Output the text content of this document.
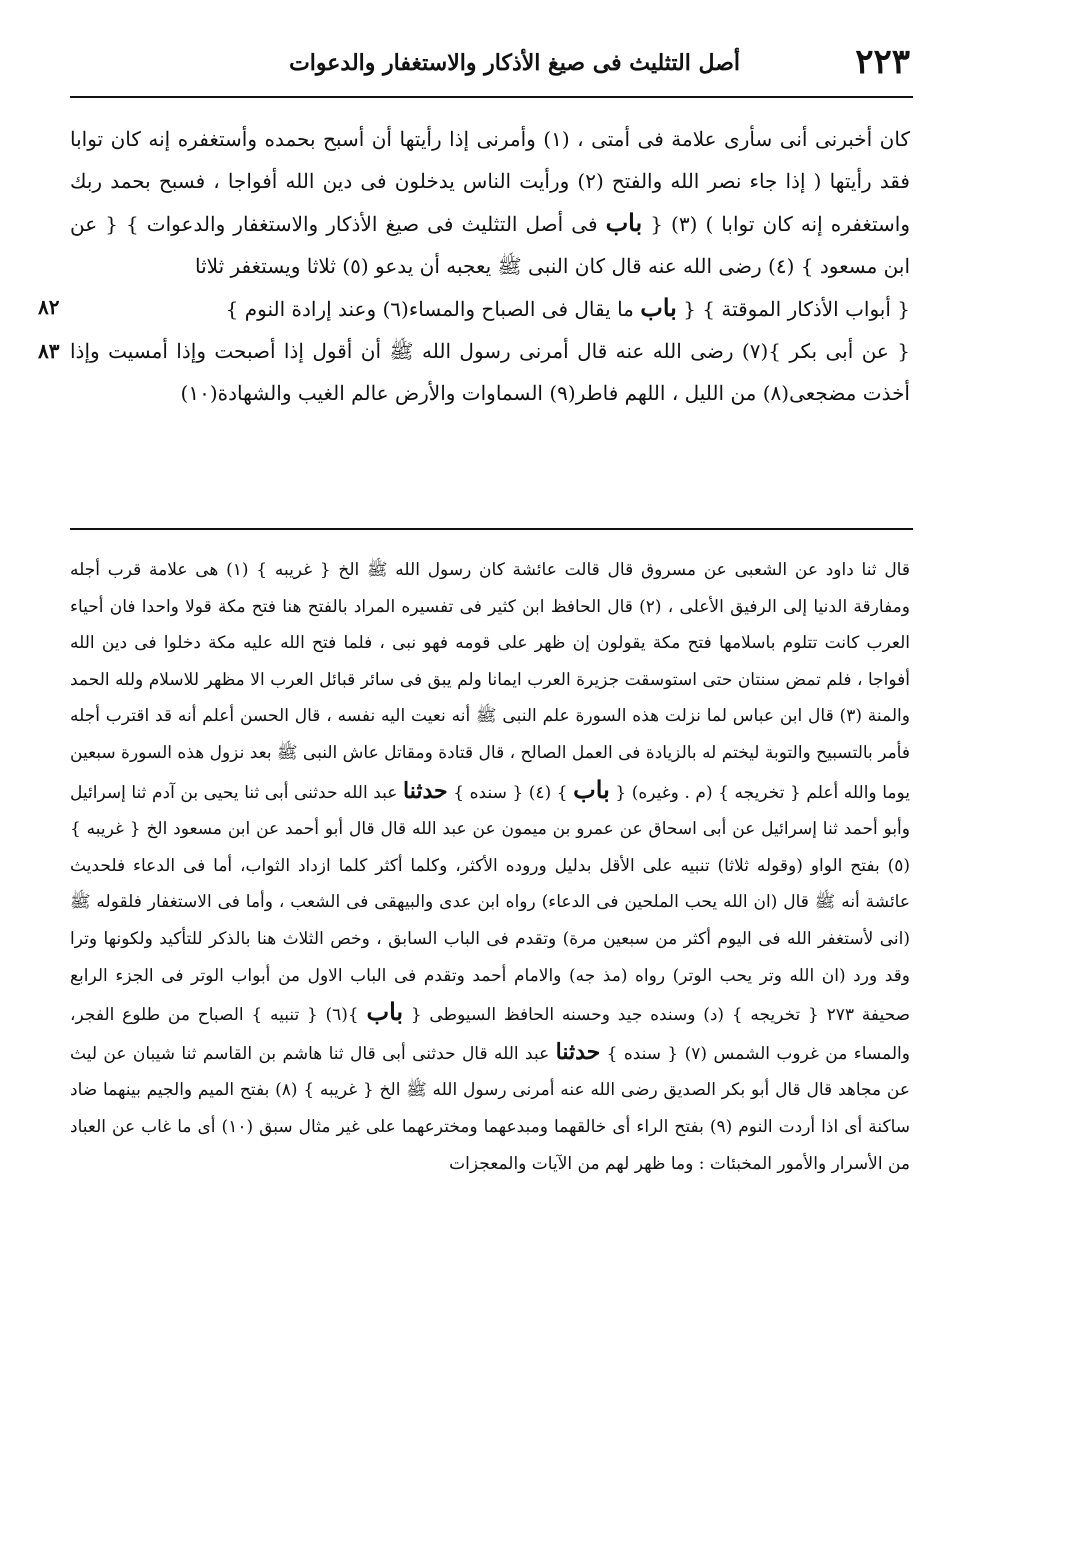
٢٢٣
أصل التثليث فى صيغ الأذكار والاستغفار والدعوات

كان أخبرنى أنى سأرى علامة فى أمتى ، (١) وأمرنى إذا رأيتها أن أسبح بحمده وأستغفره إنه كان توابا فقد رأيتها ( إذا جاء نصر الله والفتح (٢) ورأيت الناس يدخلون فى دين الله أفواجا ، فسبح بحمد ربك واستغفره إنه كان توابا ) (٣) { باب فى أصل التثليث فى صيغ الأذكار والاستغفار والدعوات }
٨٢
{ عن ابن مسعود } (٤) رضى الله عنه قال كان النبى ﷺ يعجبه أن يدعو (٥) ثلاثا ويستغفر ثلاثا

{ أبواب الأذكار الموقتة } { باب ما يقال فى الصباح والمساء(٦) وعند إرادة النوم }

٨٣ { عن أبى بكر }(٧) رضى الله عنه قال أمرنى رسول الله ﷺ أن أقول إذا أصبحت وإذا أمسيت وإذا أخذت مضجعى(٨) من الليل ، اللهم فاطر(٩) السماوات والأرض عالم الغيب والشهادة(١٠)

قال ثنا داود عن الشعبى عن مسروق قال قالت عائشة كان رسول الله ﷺ الخ { غريبه } (١) هى علامة قرب أجله ومفارقة الدنيا إلى الرفيق الأعلى ، (٢) قال الحافظ ابن كثير فى تفسيره المراد بالفتح هنا فتح مكة قولا واحدا فان أحياء العرب كانت تتلوم باسلامها فتح مكة يقولون إن ظهر على قومه فهو نبى ، فلما فتح الله عليه مكة دخلوا فى دين الله أفواجا ، فلم تمض سنتان حتى استوسقت جزيرة العرب ايمانا ولم يبق فى سائر قبائل العرب الا مظهر للاسلام ولله الحمد والمنة (٣) قال ابن عباس لما نزلت هذه السورة علم النبى ﷺ أنه نعيت اليه نفسه ، قال الحسن أعلم أنه قد اقترب أجله فأمر بالتسبيح والتوبة ليختم له بالزيادة فى العمل الصالح ، قال قتادة ومقاتل عاش النبى ﷺ بعد نزول هذه السورة سبعين يوما والله أعلم { تخريجه } (م . وغيره) { باب } (٤) { سنده } حدثنا عبد الله حدثنى أبى ثنا يحيى بن آدم ثنا إسرائيل وأبو أحمد ثنا إسرائيل عن أبى اسحاق عن عمرو بن ميمون عن عبد الله قال قال أبو أحمد عن ابن مسعود الخ { غريبه } (٥) بفتح الواو (وقوله ثلاثا) تنبيه على الأقل بدليل وروده الأكثر، وكلما أكثر كلما ازداد الثواب، أما فى الدعاء فلحديث عائشة أنه ﷺ قال (ان الله يحب الملحين فى الدعاء) رواه ابن عدى والبيهقى فى الشعب ، وأما فى الاستغفار فلقوله ﷺ (انى لأستغفر الله فى اليوم أكثر من سبعين مرة) وتقدم فى الباب السابق ، وخص الثلاث هنا بالذكر للتأكيد ولكونها وترا وقد ورد (ان الله وتر يحب الوتر) رواه (مذ جه) والامام أحمد وتقدم فى الباب الاول من أبواب الوتر فى الجزء الرابع صحيفة ٢٧٣ { تخريجه } (د) وسنده جيد وحسنه الحافظ السيوطى { باب }(٦) { تنبيه } الصباح من طلوع الفجر، والمساء من غروب الشمس (٧) { سنده } حدثنا عبد الله قال حدثنى أبى قال ثنا هاشم بن القاسم ثنا شيبان عن ليث عن مجاهد قال قال أبو بكر الصديق رضى الله عنه أمرنى رسول الله ﷺ الخ { غريبه } (٨) بفتح الميم والجيم بينهما ضاد ساكنة أى اذا أردت النوم (٩) بفتح الراء أى خالقهما ومبدعهما ومخترعهما على غير مثال سبق (١٠) أى ما غاب عن العباد من الأسرار والأمور المخبئات : وما ظهر لهم من الآيات والمعجزات
